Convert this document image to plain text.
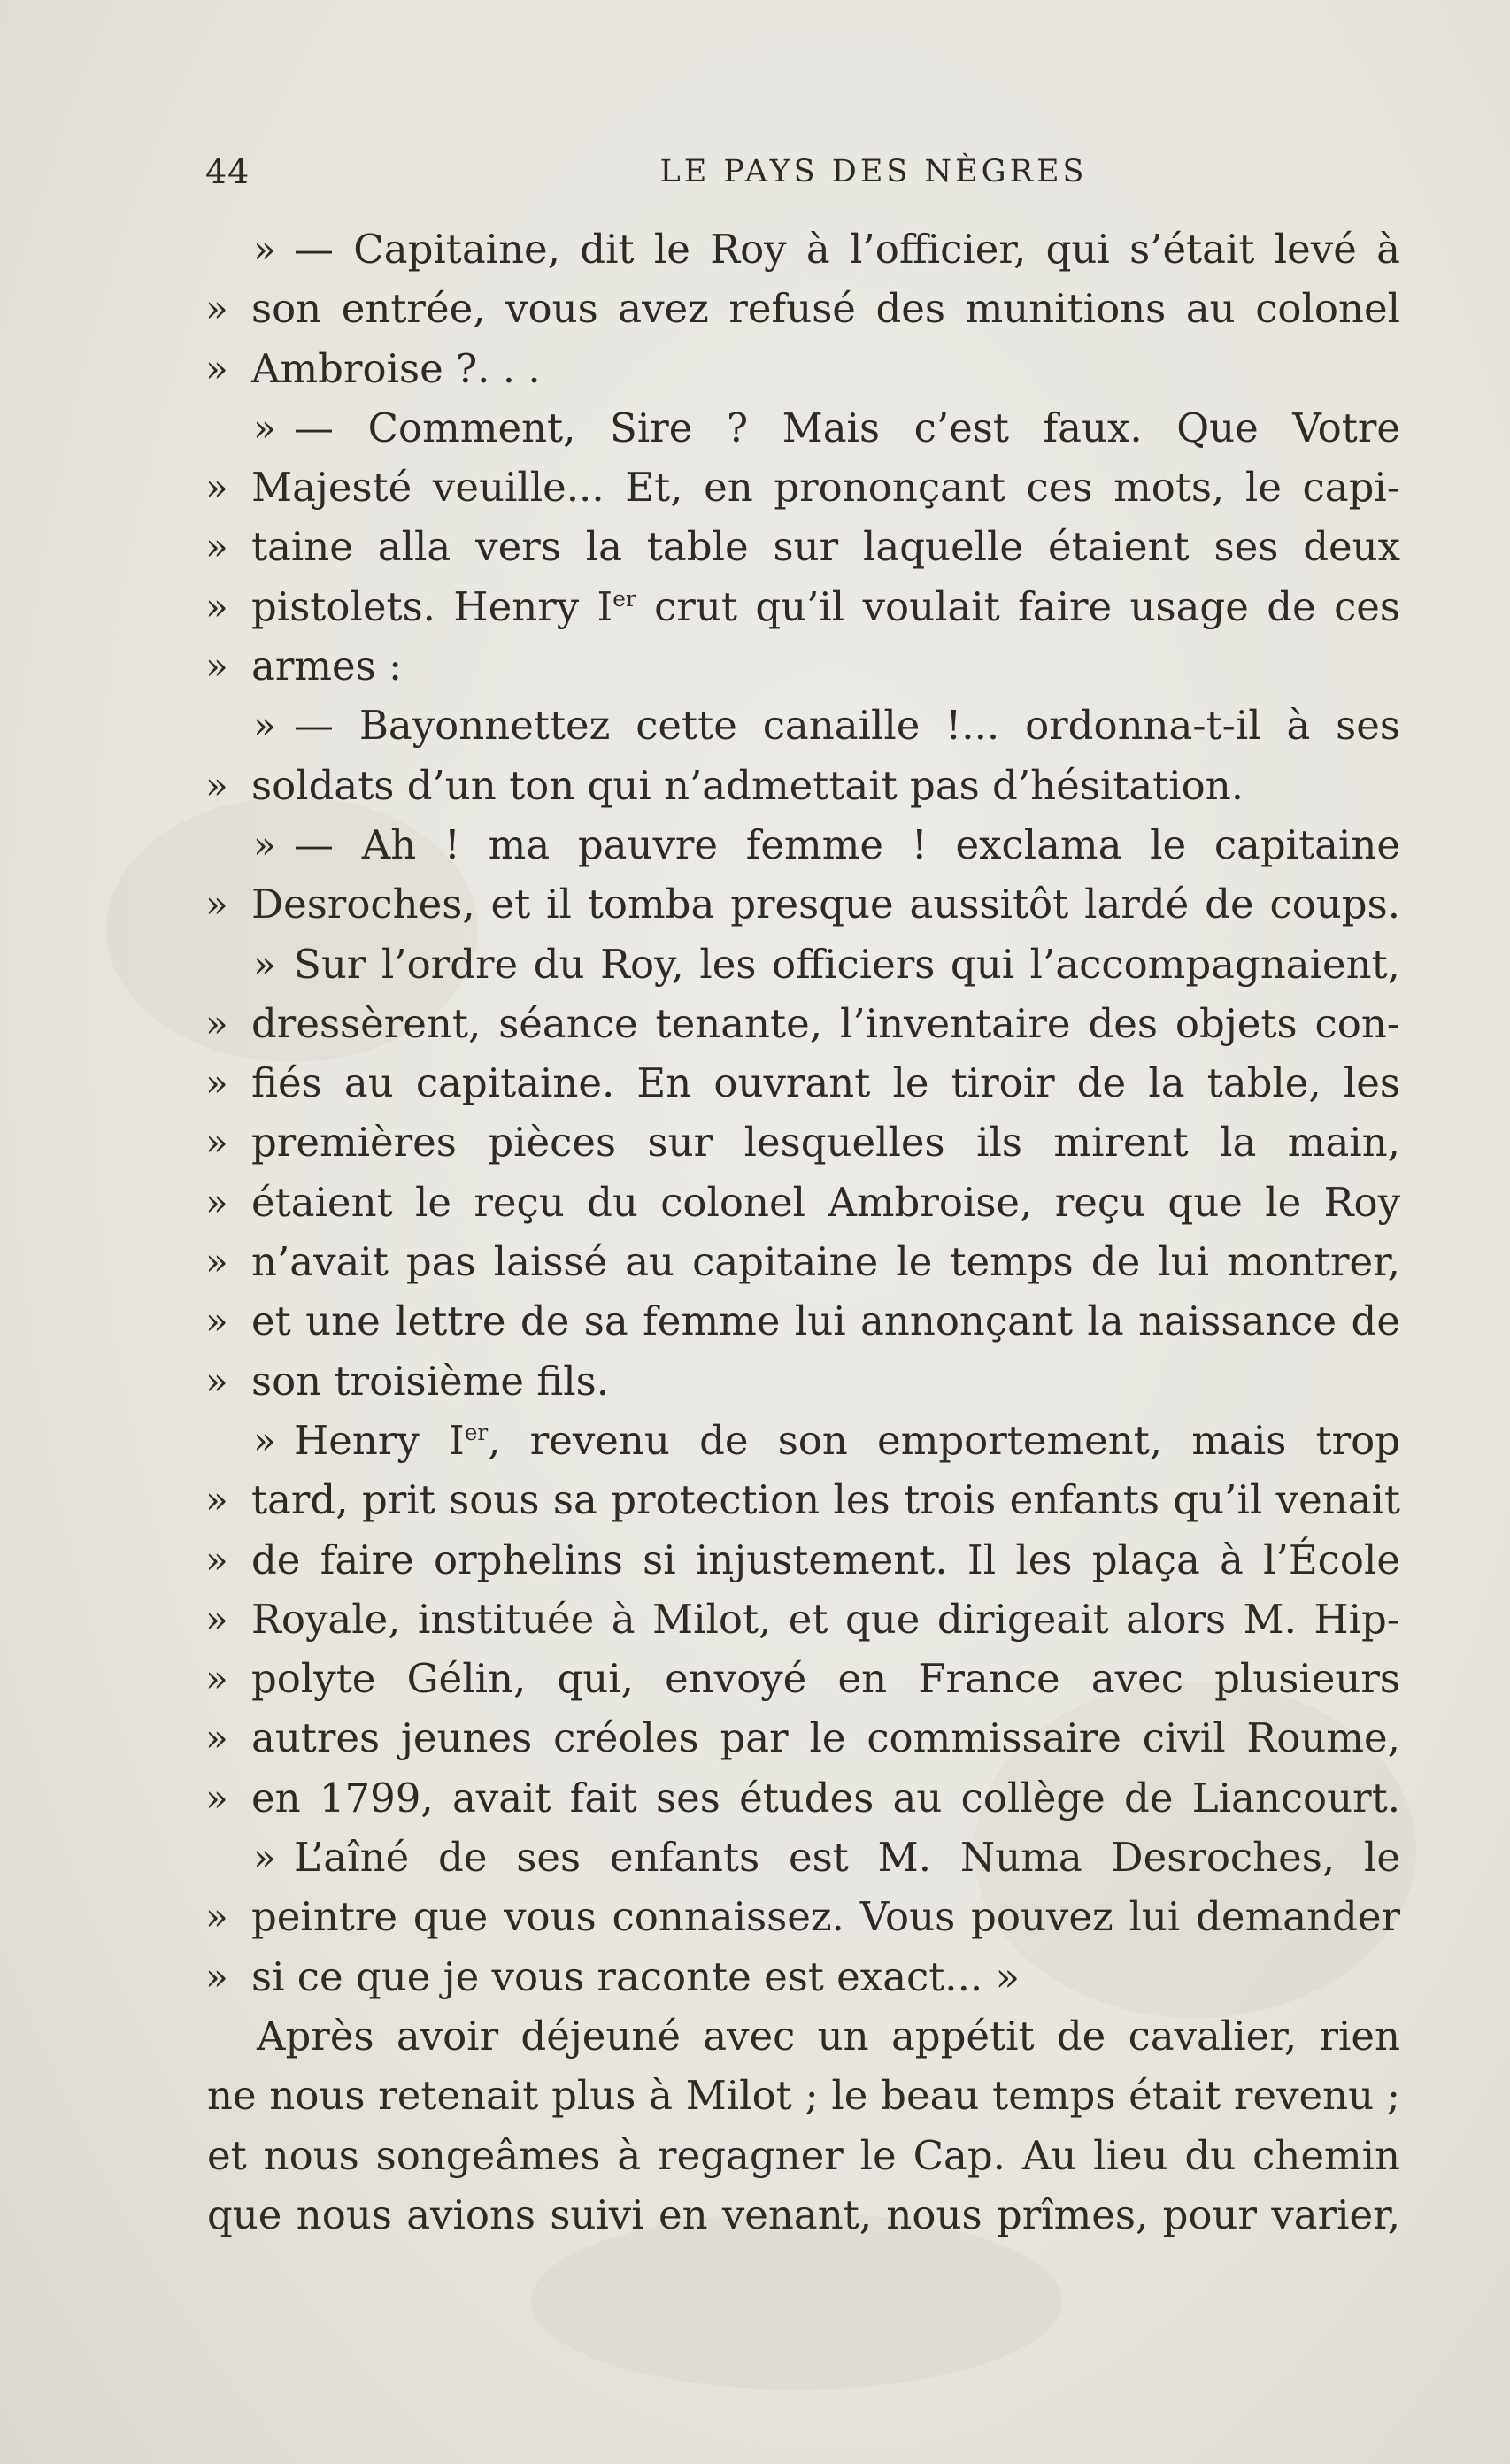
44	LE PAYS DES NÈGRES
» — Capitaine, dit le Roy à l’officier, qui s’était levé à
» son entrée, vous avez refusé des munitions au colonel
» Ambroise ?. . .
» — Comment, Sire ? Mais c’est faux. Que Votre
» Majesté veuille... Et, en prononçant ces mots, le capi-
» taine alla vers la table sur laquelle étaient ses deux
» pistolets. Henry Ier crut qu’il voulait faire usage de ces
» armes :
» — Bayonnettez cette canaille !... ordonna-t-il à ses
» soldats d’un ton qui n’admettait pas d’hésitation.
» — Ah ! ma pauvre femme ! exclama le capitaine
» Desroches, et il tomba presque aussitôt lardé de coups.
» Sur l’ordre du Roy, les officiers qui l’accompagnaient,
» dressèrent, séance tenante, l’inventaire des objets con-
» fiés au capitaine. En ouvrant le tiroir de la table, les
» premières pièces sur lesquelles ils mirent la main,
» étaient le reçu du colonel Ambroise, reçu que le Roy
» n’avait pas laissé au capitaine le temps de lui montrer,
» et une lettre de sa femme lui annonçant la naissance de
» son troisième fils.
» Henry Ier, revenu de son emportement, mais trop
» tard, prit sous sa protection les trois enfants qu’il venait
» de faire orphelins si injustement. Il les plaça à l’École
» Royale, instituée à Milot, et que dirigeait alors M. Hip-
» polyte Gélin, qui, envoyé en France avec plusieurs
» autres jeunes créoles par le commissaire civil Roume,
» en 1799, avait fait ses études au collège de Liancourt.
» L’aîné de ses enfants est M. Numa Desroches, le
» peintre que vous connaissez. Vous pouvez lui demander
» si ce que je vous raconte est exact... »
Après avoir déjeuné avec un appétit de cavalier, rien
ne nous retenait plus à Milot ; le beau temps était revenu ;
et nous songeâmes à regagner le Cap. Au lieu du chemin
que nous avions suivi en venant, nous prîmes, pour varier,
